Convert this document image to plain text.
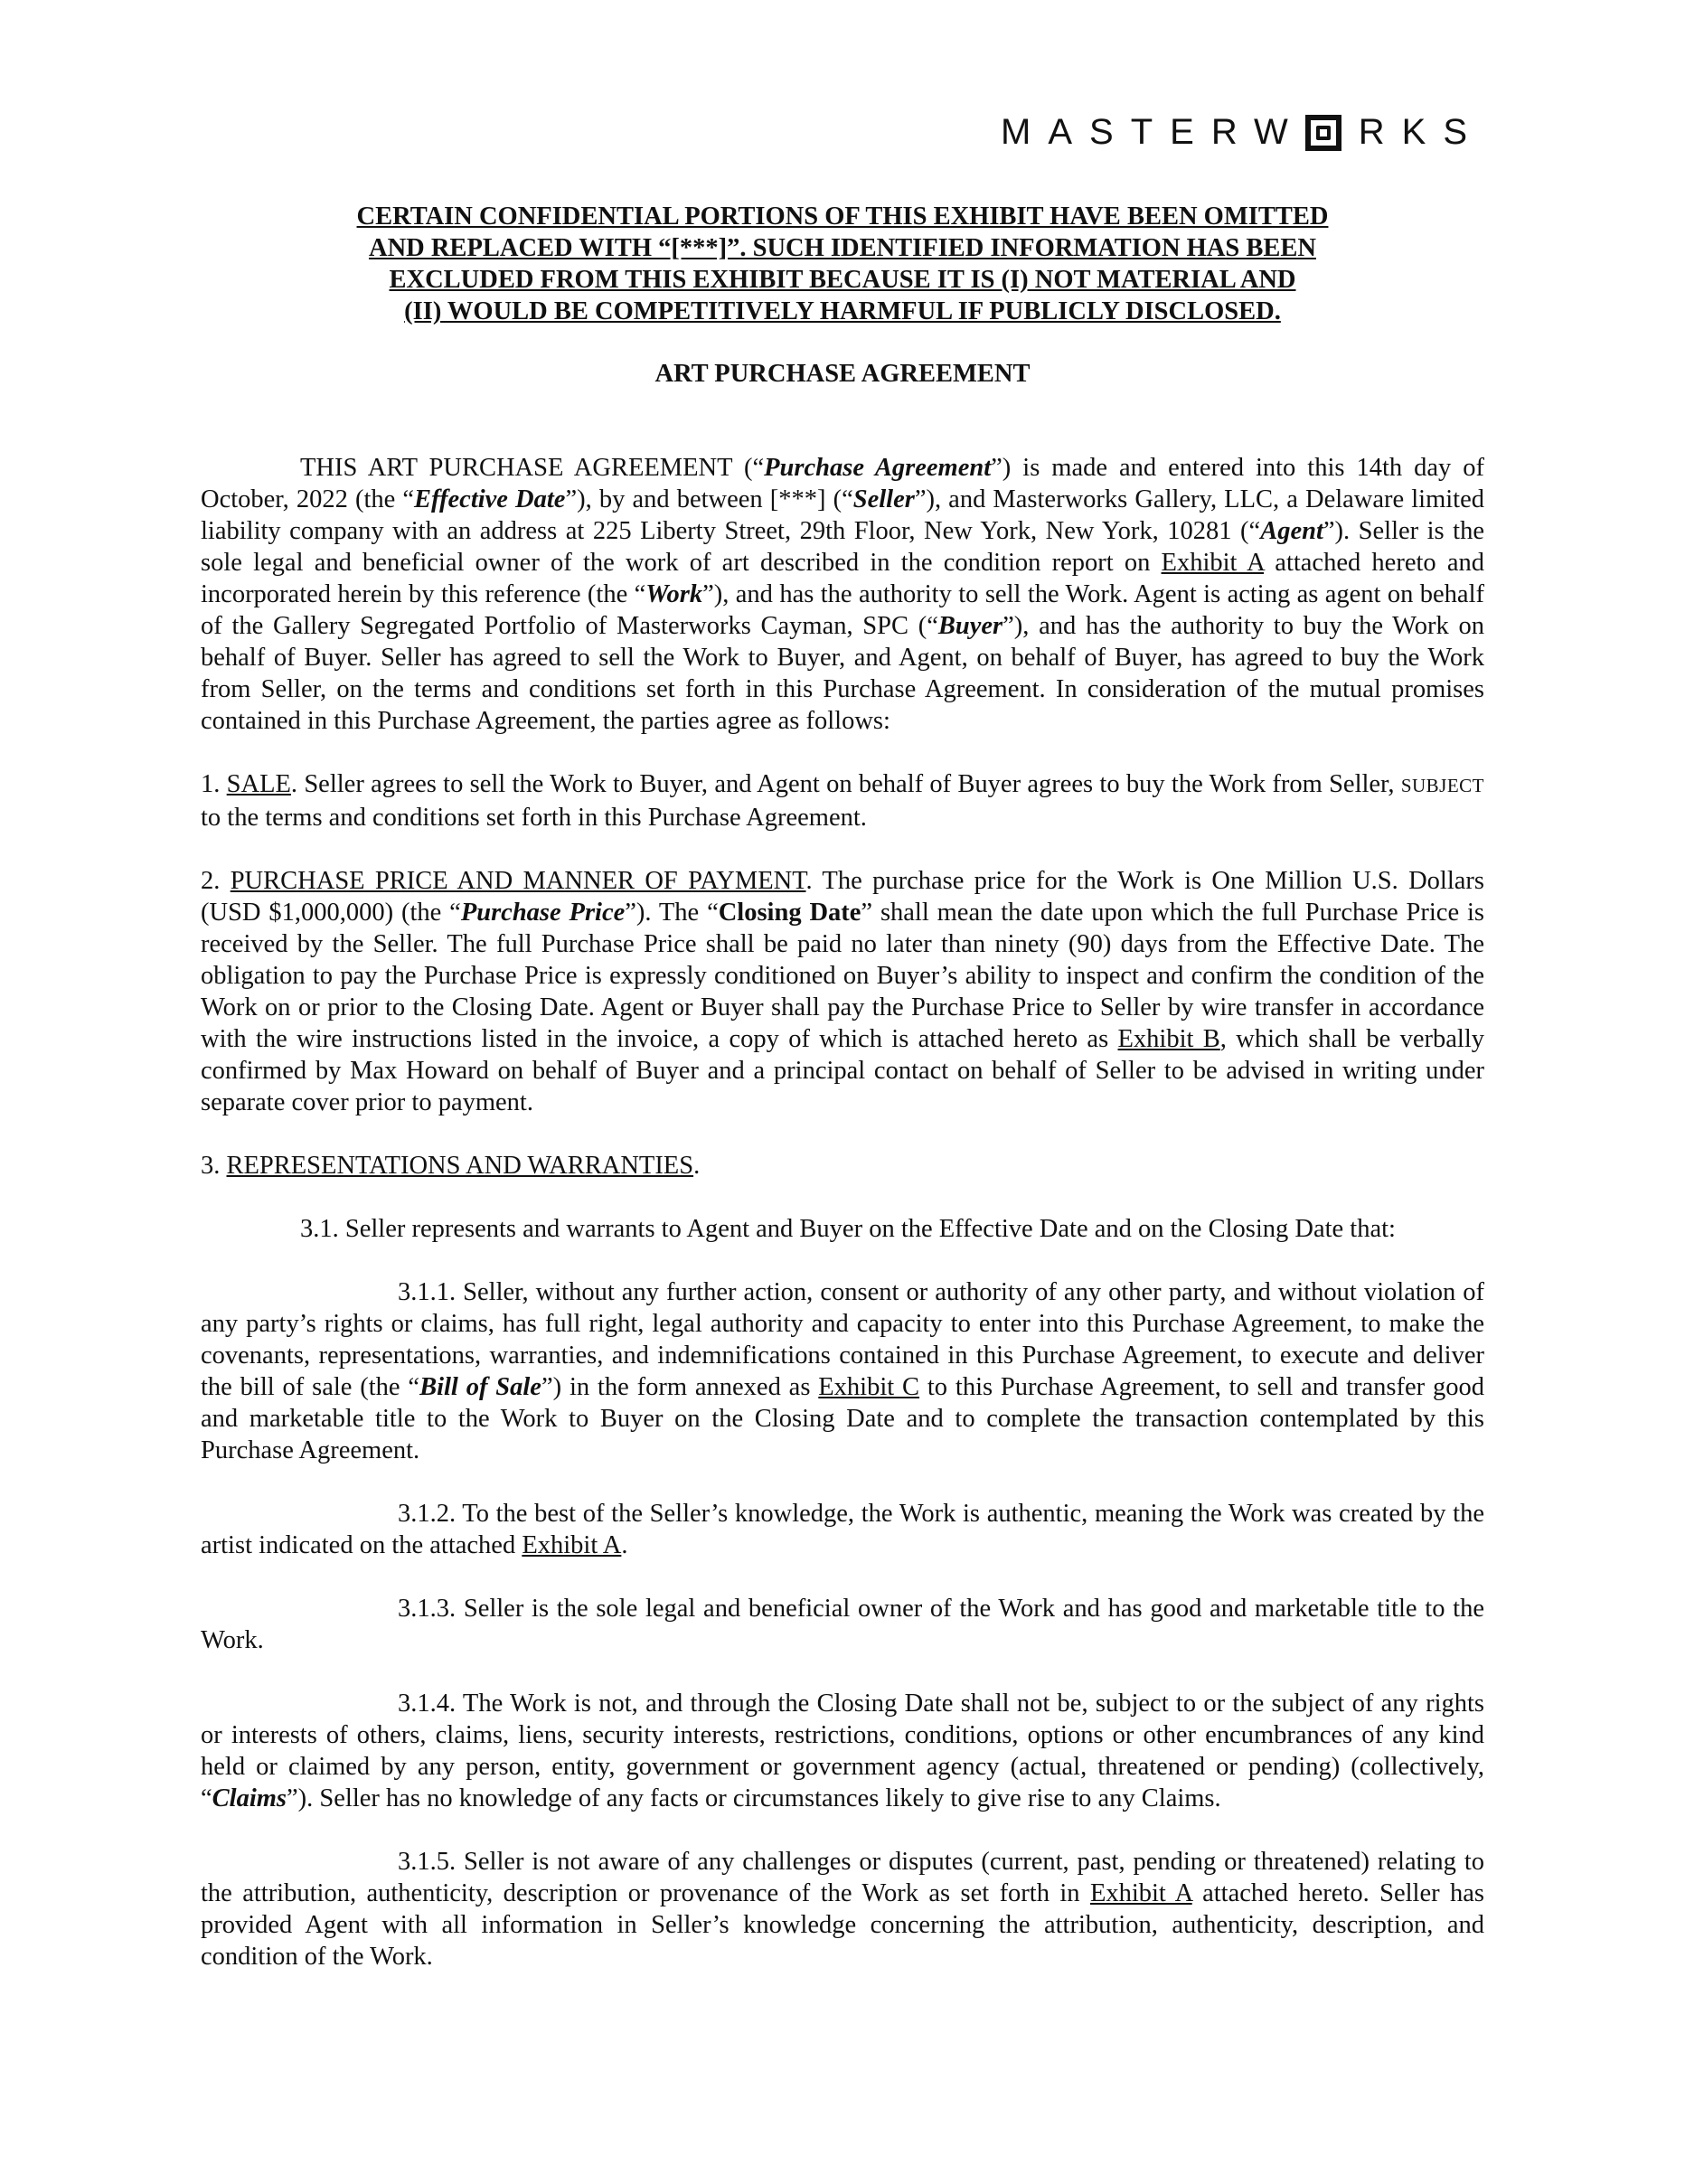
MASTERW RKS
CERTAIN CONFIDENTIAL PORTIONS OF THIS EXHIBIT HAVE BEEN OMITTED
AND REPLACED WITH “[***]”. SUCH IDENTIFIED INFORMATION HAS BEEN
EXCLUDED FROM THIS EXHIBIT BECAUSE IT IS (I) NOT MATERIAL AND
(II) WOULD BE COMPETITIVELY HARMFUL IF PUBLICLY DISCLOSED.
ART PURCHASE AGREEMENT

THIS ART PURCHASE AGREEMENT (“Purchase Agreement”) is made and entered into this 14th day of October, 2022 (the “Effective Date”), by and between [***] (“Seller”), and Masterworks Gallery, LLC, a Delaware limited liability company with an address at 225 Liberty Street, 29th Floor, New York, New York, 10281 (“Agent”). Seller is the sole legal and beneficial owner of the work of art described in the condition report on Exhibit A attached hereto and incorporated herein by this reference (the “Work”), and has the authority to sell the Work. Agent is acting as agent on behalf of the Gallery Segregated Portfolio of Masterworks Cayman, SPC (“Buyer”), and has the authority to buy the Work on behalf of Buyer. Seller has agreed to sell the Work to Buyer, and Agent, on behalf of Buyer, has agreed to buy the Work from Seller, on the terms and conditions set forth in this Purchase Agreement. In consideration of the mutual promises contained in this Purchase Agreement, the parties agree as follows:

1. SALE. Seller agrees to sell the Work to Buyer, and Agent on behalf of Buyer agrees to buy the Work from Seller, SUBJECT to the terms and conditions set forth in this Purchase Agreement.

2. PURCHASE PRICE AND MANNER OF PAYMENT. The purchase price for the Work is One Million U.S. Dollars (USD $1,000,000) (the “Purchase Price”). The “Closing Date” shall mean the date upon which the full Purchase Price is received by the Seller. The full Purchase Price shall be paid no later than ninety (90) days from the Effective Date. The obligation to pay the Purchase Price is expressly conditioned on Buyer’s ability to inspect and confirm the condition of the Work on or prior to the Closing Date. Agent or Buyer shall pay the Purchase Price to Seller by wire transfer in accordance with the wire instructions listed in the invoice, a copy of which is attached hereto as Exhibit B, which shall be verbally confirmed by Max Howard on behalf of Buyer and a principal contact on behalf of Seller to be advised in writing under separate cover prior to payment.

3. REPRESENTATIONS AND WARRANTIES.

3.1. Seller represents and warrants to Agent and Buyer on the Effective Date and on the Closing Date that:

3.1.1. Seller, without any further action, consent or authority of any other party, and without violation of any party’s rights or claims, has full right, legal authority and capacity to enter into this Purchase Agreement, to make the covenants, representations, warranties, and indemnifications contained in this Purchase Agreement, to execute and deliver the bill of sale (the “Bill of Sale”) in the form annexed as Exhibit C to this Purchase Agreement, to sell and transfer good and marketable title to the Work to Buyer on the Closing Date and to complete the transaction contemplated by this Purchase Agreement.

3.1.2. To the best of the Seller’s knowledge, the Work is authentic, meaning the Work was created by the artist indicated on the attached Exhibit A.

3.1.3. Seller is the sole legal and beneficial owner of the Work and has good and marketable title to the Work.

3.1.4. The Work is not, and through the Closing Date shall not be, subject to or the subject of any rights or interests of others, claims, liens, security interests, restrictions, conditions, options or other encumbrances of any kind held or claimed by any person, entity, government or government agency (actual, threatened or pending) (collectively, “Claims”). Seller has no knowledge of any facts or circumstances likely to give rise to any Claims.

3.1.5. Seller is not aware of any challenges or disputes (current, past, pending or threatened) relating to the attribution, authenticity, description or provenance of the Work as set forth in Exhibit A attached hereto. Seller has provided Agent with all information in Seller’s knowledge concerning the attribution, authenticity, description, and condition of the Work.
